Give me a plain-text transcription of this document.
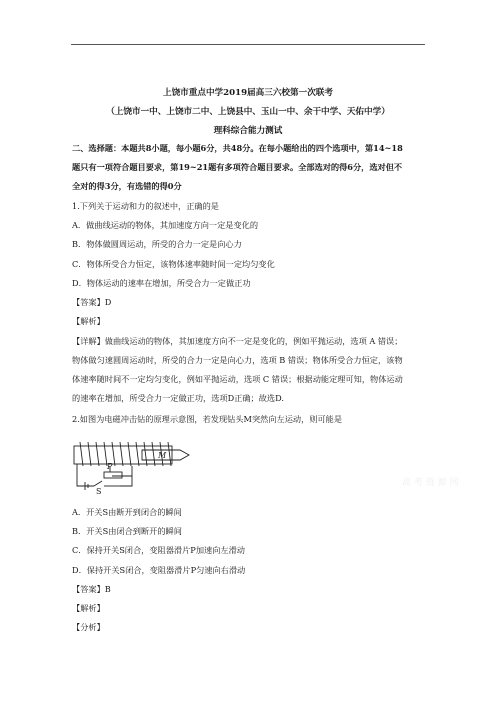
上饶市重点中学2019届高三六校第一次联考
（上饶市一中、上饶市二中、上饶县中、玉山一中、余干中学、天佑中学）
理科综合能力测试
二、选择题：本题共8小题，每小题6分，共48分。在每小题给出的四个选项中，第14~18
题只有一项符合题目要求，第19~21题有多项符合题目要求。全部选对的得6分，选对但不
全对的得3分，有选错的得0分
1.下列关于运动和力的叙述中，正确的是
A．做曲线运动的物体，其加速度方向一定是变化的
B．物体做圆周运动，所受的合力一定是向心力
C．物体所受合力恒定，该物体速率随时间一定均匀变化
D．物体运动的速率在增加，所受合力一定做正功
【答案】D
【解析】
【详解】做曲线运动的物体，其加速度方向不一定是变化的，例如平抛运动，选项 A 错误；
物体做匀速圆周运动时，所受的合力一定是向心力，选项 B 错误；物体所受合力恒定，该物
体速率随时间不一定均匀变化，例如平抛运动，选项 C 错误；根据动能定理可知，物体运动
的速率在增加，所受合力一定做正功，选项D正确；故选D.
2.如图为电磁冲击钻的原理示意图，若发现钻头M突然向左运动，则可能是
P
M
S
高 考 资 源 网
A．开关S由断开到闭合的瞬间
B．开关S由闭合到断开的瞬间
C．保持开关S闭合，变阻器滑片P加速向左滑动
D．保持开关S闭合，变阻器滑片P匀速向右滑动
【答案】B
【解析】
【分析】
